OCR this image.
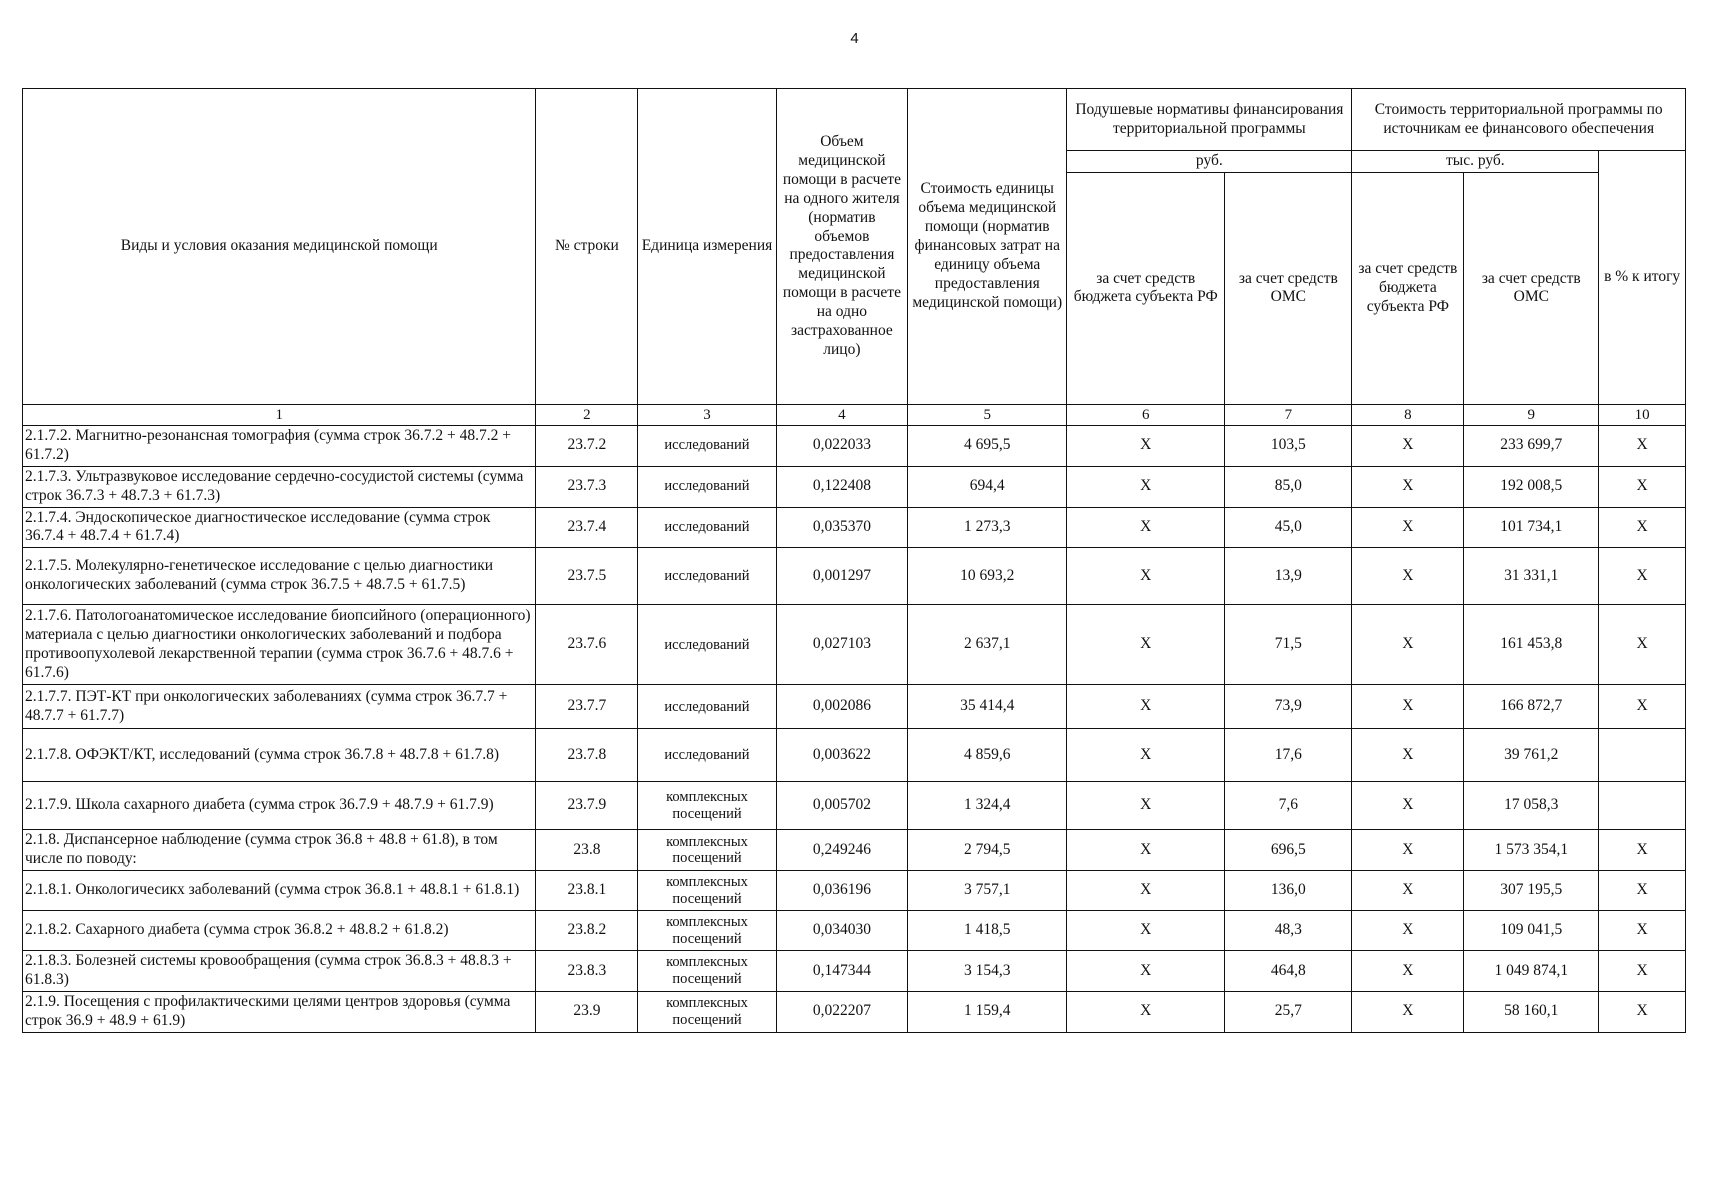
4
Виды и условия оказания медицинской помощи	№ строки	Единица измерения	Объем медицинской помощи в расчете на одного жителя (норматив объемов предоставления медицинской помощи в расчете на одно застрахованное лицо)	Стоимость единицы объема медицинской помощи (норматив финансовых затрат на единицу объема предоставления медицинской помощи)	Подушевые нормативы финансирования территориальной программы		Стоимость территориальной программы по источникам ее финансового обеспечения		
					руб.		тыс. руб.		в % к итогу
					за счет средств бюджета субъекта РФ	за счет средств ОМС	за счет средств бюджета субъекта РФ	за счет средств ОМС	
1	2	3	4	5	6	7	8	9	10
2.1.7.2. Магнитно-резонансная томография (сумма строк 36.7.2 + 48.7.2 + 61.7.2)	23.7.2	исследований	0,022033	4 695,5	X	103,5	X	233 699,7	X
2.1.7.3. Ультразвуковое исследование сердечно-сосудистой системы (сумма строк 36.7.3 + 48.7.3 + 61.7.3)	23.7.3	исследований	0,122408	694,4	X	85,0	X	192 008,5	X
2.1.7.4. Эндоскопическое диагностическое исследование (сумма строк 36.7.4 + 48.7.4 + 61.7.4)	23.7.4	исследований	0,035370	1 273,3	X	45,0	X	101 734,1	X
2.1.7.5. Молекулярно-генетическое исследование с целью диагностики онкологических заболеваний (сумма строк 36.7.5 + 48.7.5 + 61.7.5)	23.7.5	исследований	0,001297	10 693,2	X	13,9	X	31 331,1	X
2.1.7.6. Патологоанатомическое исследование биопсийного (операционного) материала с целью диагностики онкологических заболеваний и подбора противоопухолевой лекарственной терапии (сумма строк 36.7.6 + 48.7.6 + 61.7.6)	23.7.6	исследований	0,027103	2 637,1	X	71,5	X	161 453,8	X
2.1.7.7. ПЭТ-КТ при онкологических заболеваниях (сумма строк 36.7.7 + 48.7.7 + 61.7.7)	23.7.7	исследований	0,002086	35 414,4	X	73,9	X	166 872,7	X
2.1.7.8. ОФЭКТ/КТ, исследований (сумма строк 36.7.8 + 48.7.8 + 61.7.8)	23.7.8	исследований	0,003622	4 859,6	X	17,6	X	39 761,2	
2.1.7.9. Школа сахарного диабета (сумма строк 36.7.9 + 48.7.9 + 61.7.9)	23.7.9	комплексных посещений	0,005702	1 324,4	X	7,6	X	17 058,3	
2.1.8. Диспансерное наблюдение (сумма строк 36.8 + 48.8 + 61.8), в том числе по поводу:	23.8	комплексных посещений	0,249246	2 794,5	X	696,5	X	1 573 354,1	X
2.1.8.1. Онкологичесикх заболеваний (сумма строк 36.8.1 + 48.8.1 + 61.8.1)	23.8.1	комплексных посещений	0,036196	3 757,1	X	136,0	X	307 195,5	X
2.1.8.2. Сахарного диабета (сумма строк 36.8.2 + 48.8.2 + 61.8.2)	23.8.2	комплексных посещений	0,034030	1 418,5	X	48,3	X	109 041,5	X
2.1.8.3. Болезней системы кровообращения (сумма строк 36.8.3 + 48.8.3 + 61.8.3)	23.8.3	комплексных посещений	0,147344	3 154,3	X	464,8	X	1 049 874,1	X
2.1.9. Посещения с профилактическими целями центров здоровья (сумма строк 36.9 + 48.9 + 61.9)	23.9	комплексных посещений	0,022207	1 159,4	X	25,7	X	58 160,1	X
